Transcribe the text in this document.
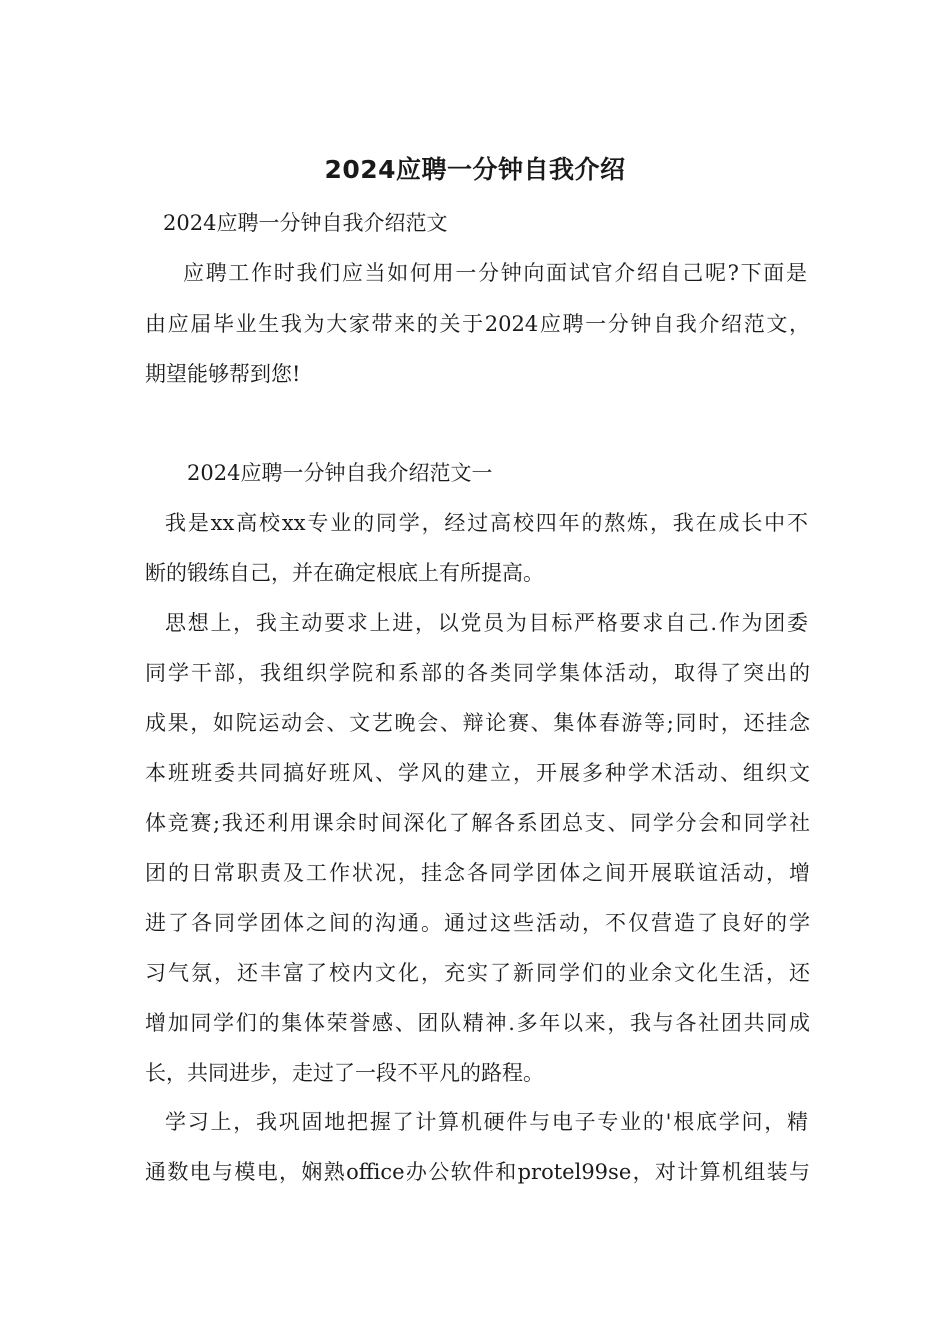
2024应聘一分钟自我介绍
2024应聘一分钟自我介绍范文
应聘工作时我们应当如何用一分钟向面试官介绍自己呢?下面是
由应届毕业生我为大家带来的关于2024应聘一分钟自我介绍范文，
期望能够帮到您!
2024应聘一分钟自我介绍范文一
我是xx高校xx专业的同学，经过高校四年的熬炼，我在成长中不
断的锻练自己，并在确定根底上有所提高。
思想上，我主动要求上进，以党员为目标严格要求自己.作为团委
同学干部，我组织学院和系部的各类同学集体活动，取得了突出的
成果，如院运动会、文艺晚会、辩论赛、集体春游等;同时，还挂念
本班班委共同搞好班风、学风的建立，开展多种学术活动、组织文
体竞赛;我还利用课余时间深化了解各系团总支、同学分会和同学社
团的日常职责及工作状况，挂念各同学团体之间开展联谊活动，增
进了各同学团体之间的沟通。通过这些活动，不仅营造了良好的学
习气氛，还丰富了校内文化，充实了新同学们的业余文化生活，还
增加同学们的集体荣誉感、团队精神.多年以来，我与各社团共同成
长，共同进步，走过了一段不平凡的路程。
学习上，我巩固地把握了计算机硬件与电子专业的'根底学问，精
通数电与模电，娴熟office办公软件和protel99se，对计算机组装与
